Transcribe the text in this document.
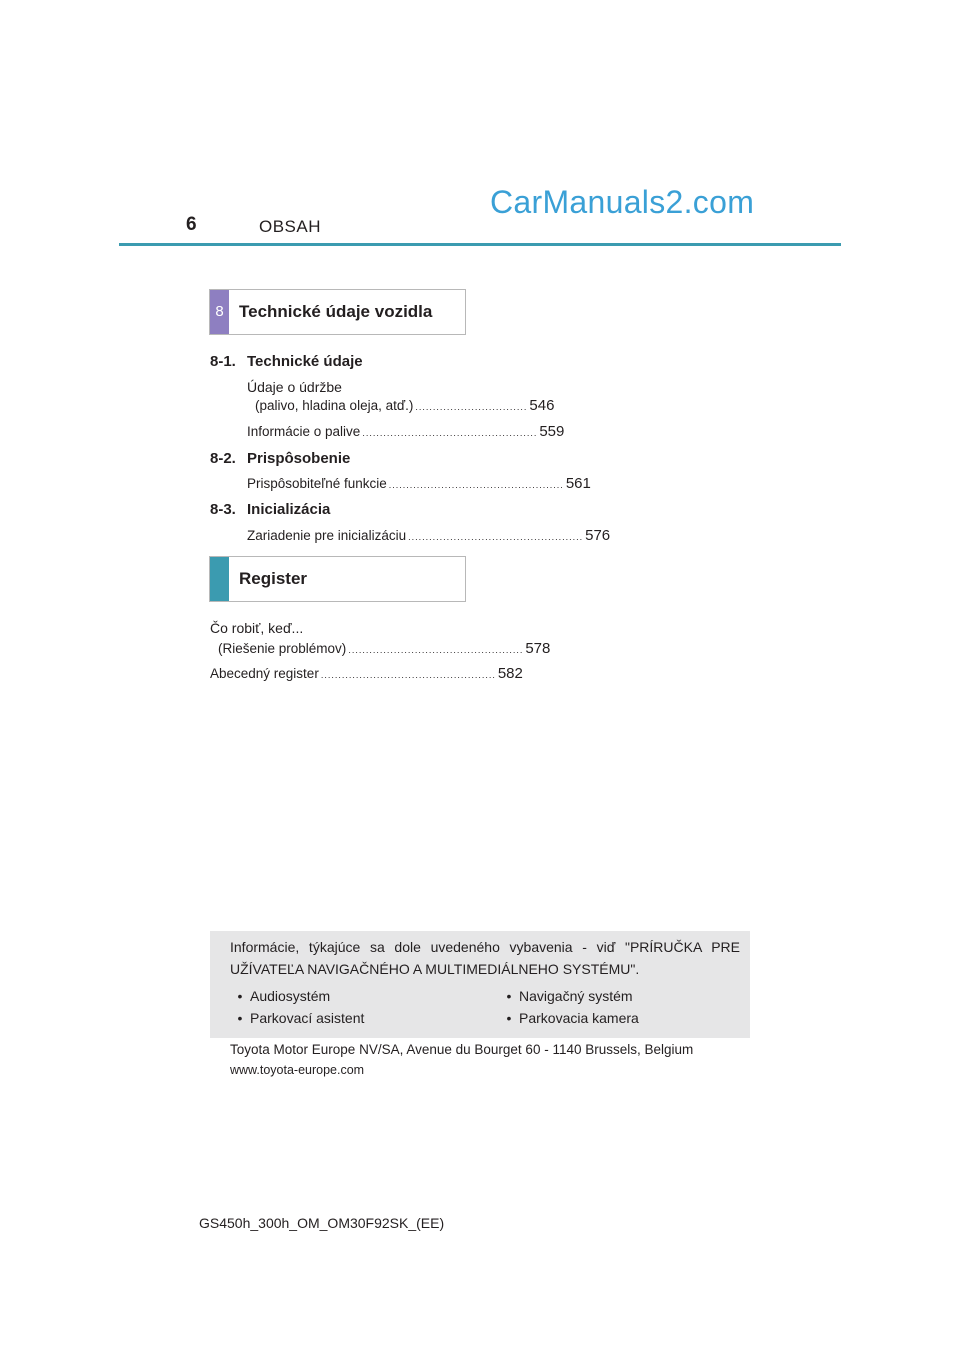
6	OBSAH
CarManuals2.com
8 Technické údaje vozidla
8-1. Technické údaje
Údaje o údržbe
(palivo, hladina oleja, atď.) ................................ 546
Informácie o palive .................................................. 559
8-2. Prispôsobenie
Prispôsobiteľné funkcie .................................................. 561
8-3. Inicializácia
Zariadenie pre inicializáciu .................................................. 576
Register
Čo robiť, keď...
(Riešenie problémov) .................................................. 578
Abecedný register .................................................. 582
Informácie, týkajúce sa dole uvedeného vybavenia - viď "PRÍRUČKA PRE UŽÍVATEĽA NAVIGAČNÉHO A MULTIMEDIÁLNEHO SYSTÉMU".
• Audiosystém
• Parkovací asistent
• Navigačný systém
• Parkovacia kamera
Toyota Motor Europe NV/SA, Avenue du Bourget 60 - 1140 Brussels, Belgium
www.toyota-europe.com
GS450h_300h_OM_OM30F92SK_(EE)
